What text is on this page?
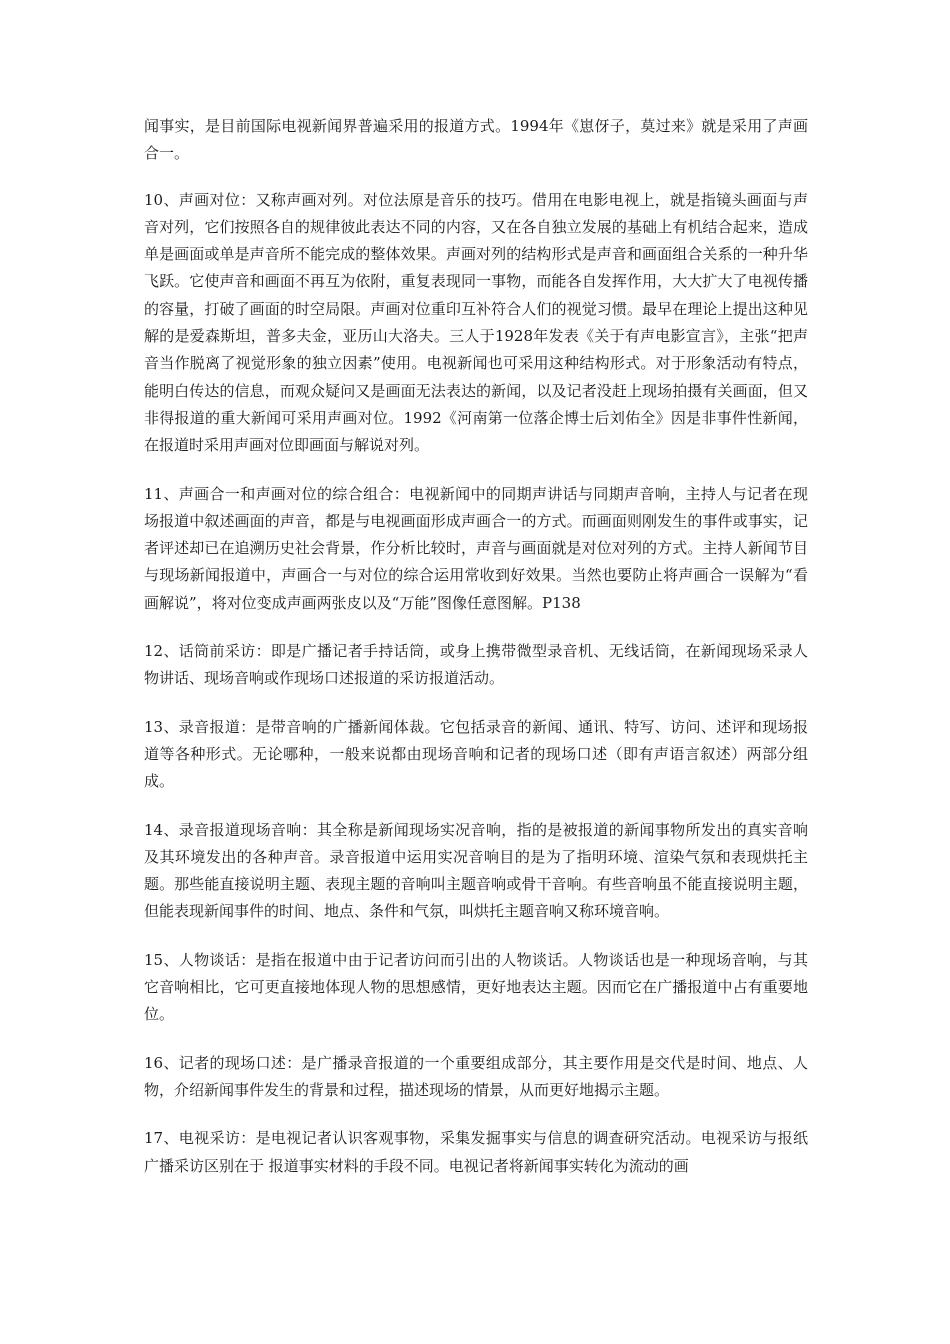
闻事实，是目前国际电视新闻界普遍采用的报道方式。1994年《崽伢子，莫过来》就是采用了声画合一。

10、声画对位：又称声画对列。对位法原是音乐的技巧。借用在电影电视上，就是指镜头画面与声音对列，它们按照各自的规律彼此表达不同的内容，又在各自独立发展的基础上有机结合起来，造成单是画面或单是声音所不能完成的整体效果。声画对列的结构形式是声音和画面组合关系的一种升华飞跃。它使声音和画面不再互为依附，重复表现同一事物，而能各自发挥作用，大大扩大了电视传播的容量，打破了画面的时空局限。声画对位重印互补符合人们的视觉习惯。最早在理论上提出这种见解的是爱森斯坦，普多夫金，亚历山大洛夫。三人于1928年发表《关于有声电影宣言》，主张“把声音当作脱离了视觉形象的独立因素”使用。电视新闻也可采用这种结构形式。对于形象活动有特点，能明白传达的信息，而观众疑问又是画面无法表达的新闻，以及记者没赶上现场拍摄有关画面，但又非得报道的重大新闻可采用声画对位。1992《河南第一位落企博士后刘佑全》因是非事件性新闻，在报道时采用声画对位即画面与解说对列。

11、声画合一和声画对位的综合组合：电视新闻中的同期声讲话与同期声音响，主持人与记者在现场报道中叙述画面的声音，都是与电视画面形成声画合一的方式。而画面则刚发生的事件或事实，记者评述却已在追溯历史社会背景，作分析比较时，声音与画面就是对位对列的方式。主持人新闻节目与现场新闻报道中，声画合一与对位的综合运用常收到好效果。当然也要防止将声画合一误解为“看画解说”，将对位变成声画两张皮以及“万能”图像任意图解。P138

12、话筒前采访：即是广播记者手持话筒，或身上携带微型录音机、无线话筒，在新闻现场采录人物讲话、现场音响或作现场口述报道的采访报道活动。

13、录音报道：是带音响的广播新闻体裁。它包括录音的新闻、通讯、特写、访问、述评和现场报道等各种形式。无论哪种，一般来说都由现场音响和记者的现场口述（即有声语言叙述）两部分组成。

14、录音报道现场音响：其全称是新闻现场实况音响，指的是被报道的新闻事物所发出的真实音响及其环境发出的各种声音。录音报道中运用实况音响目的是为了指明环境、渲染气氛和表现烘托主题。那些能直接说明主题、表现主题的音响叫主题音响或骨干音响。有些音响虽不能直接说明主题，但能表现新闻事件的时间、地点、条件和气氛，叫烘托主题音响又称环境音响。

15、人物谈话：是指在报道中由于记者访问而引出的人物谈话。人物谈话也是一种现场音响，与其它音响相比，它可更直接地体现人物的思想感情，更好地表达主题。因而它在广播报道中占有重要地位。

16、记者的现场口述：是广播录音报道的一个重要组成部分，其主要作用是交代是时间、地点、人物，介绍新闻事件发生的背景和过程，描述现场的情景，从而更好地揭示主题。

17、电视采访：是电视记者认识客观事物，采集发掘事实与信息的调查研究活动。电视采访与报纸广播采访区别在于 报道事实材料的手段不同。电视记者将新闻事实转化为流动的画
